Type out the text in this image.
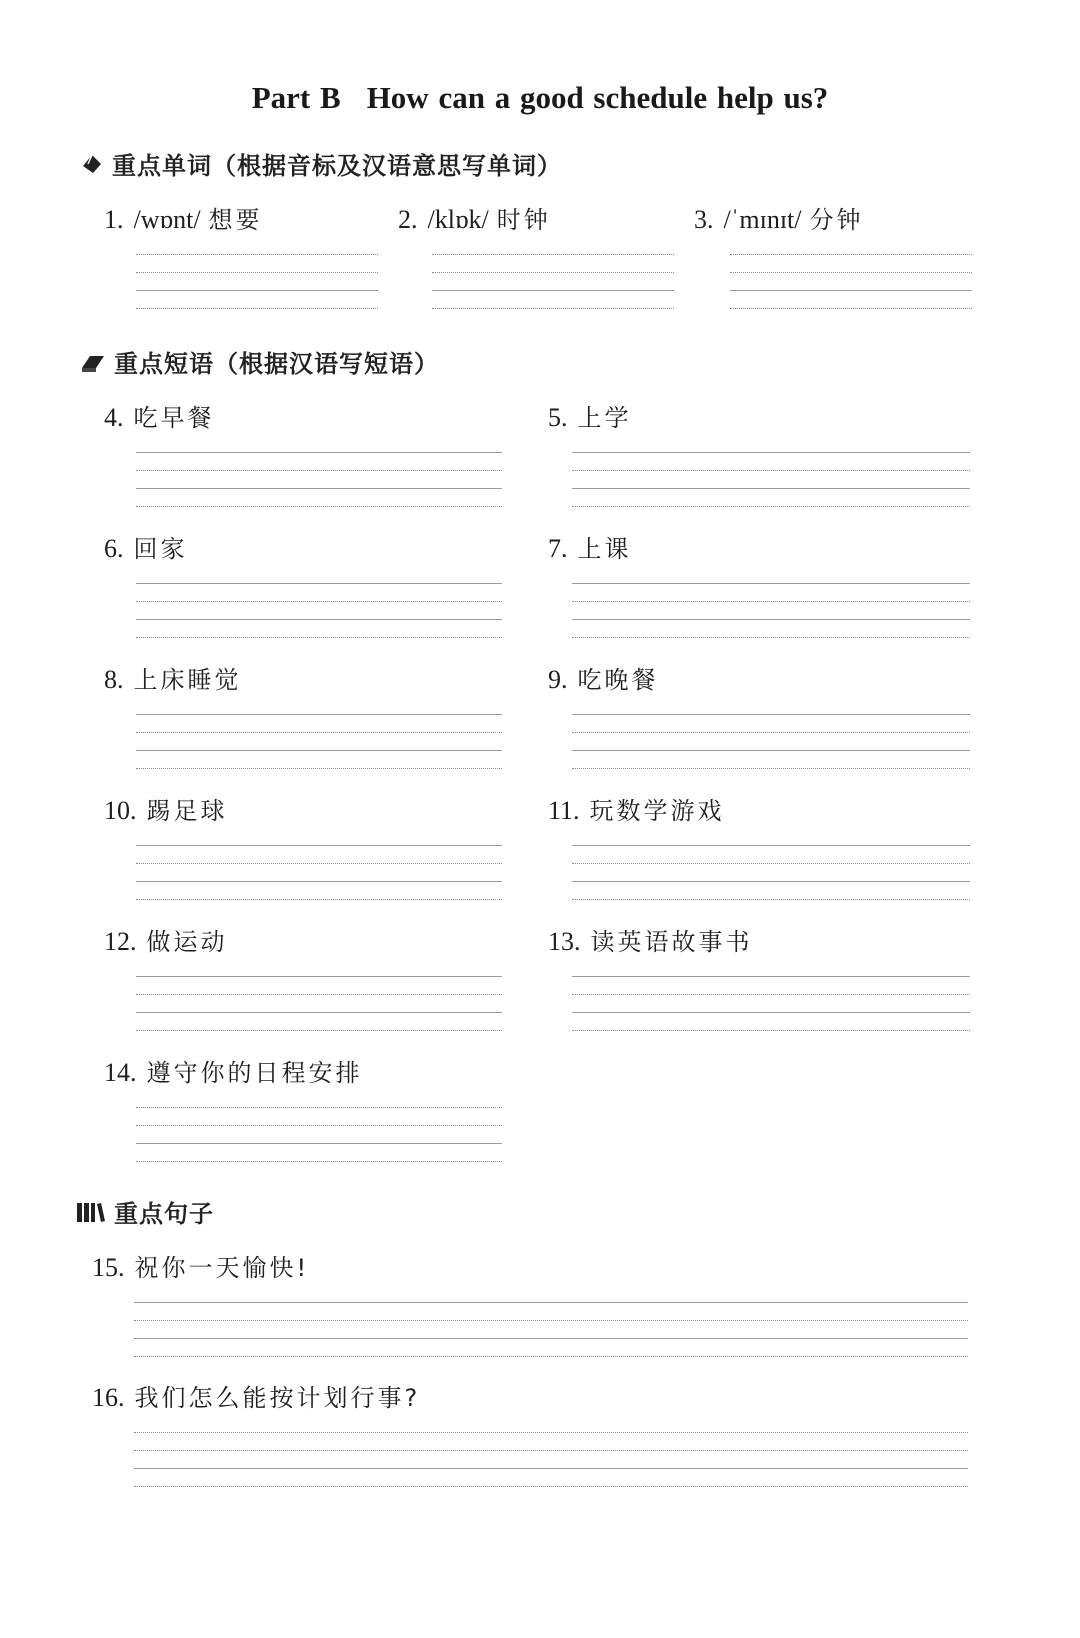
Part B How can a good schedule help us?
重点单词（根据音标及汉语意思写单词）
1. /wɒnt/ 想要	2. /klɒk/ 时钟	3. /ˈmɪnɪt/ 分钟
重点短语（根据汉语写短语）
4. 吃早餐	5. 上学
6. 回家	7. 上课
8. 上床睡觉	9. 吃晚餐
10. 踢足球	11. 玩数学游戏
12. 做运动	13. 读英语故事书
14. 遵守你的日程安排
重点句子
15. 祝你一天愉快!
16. 我们怎么能按计划行事?
